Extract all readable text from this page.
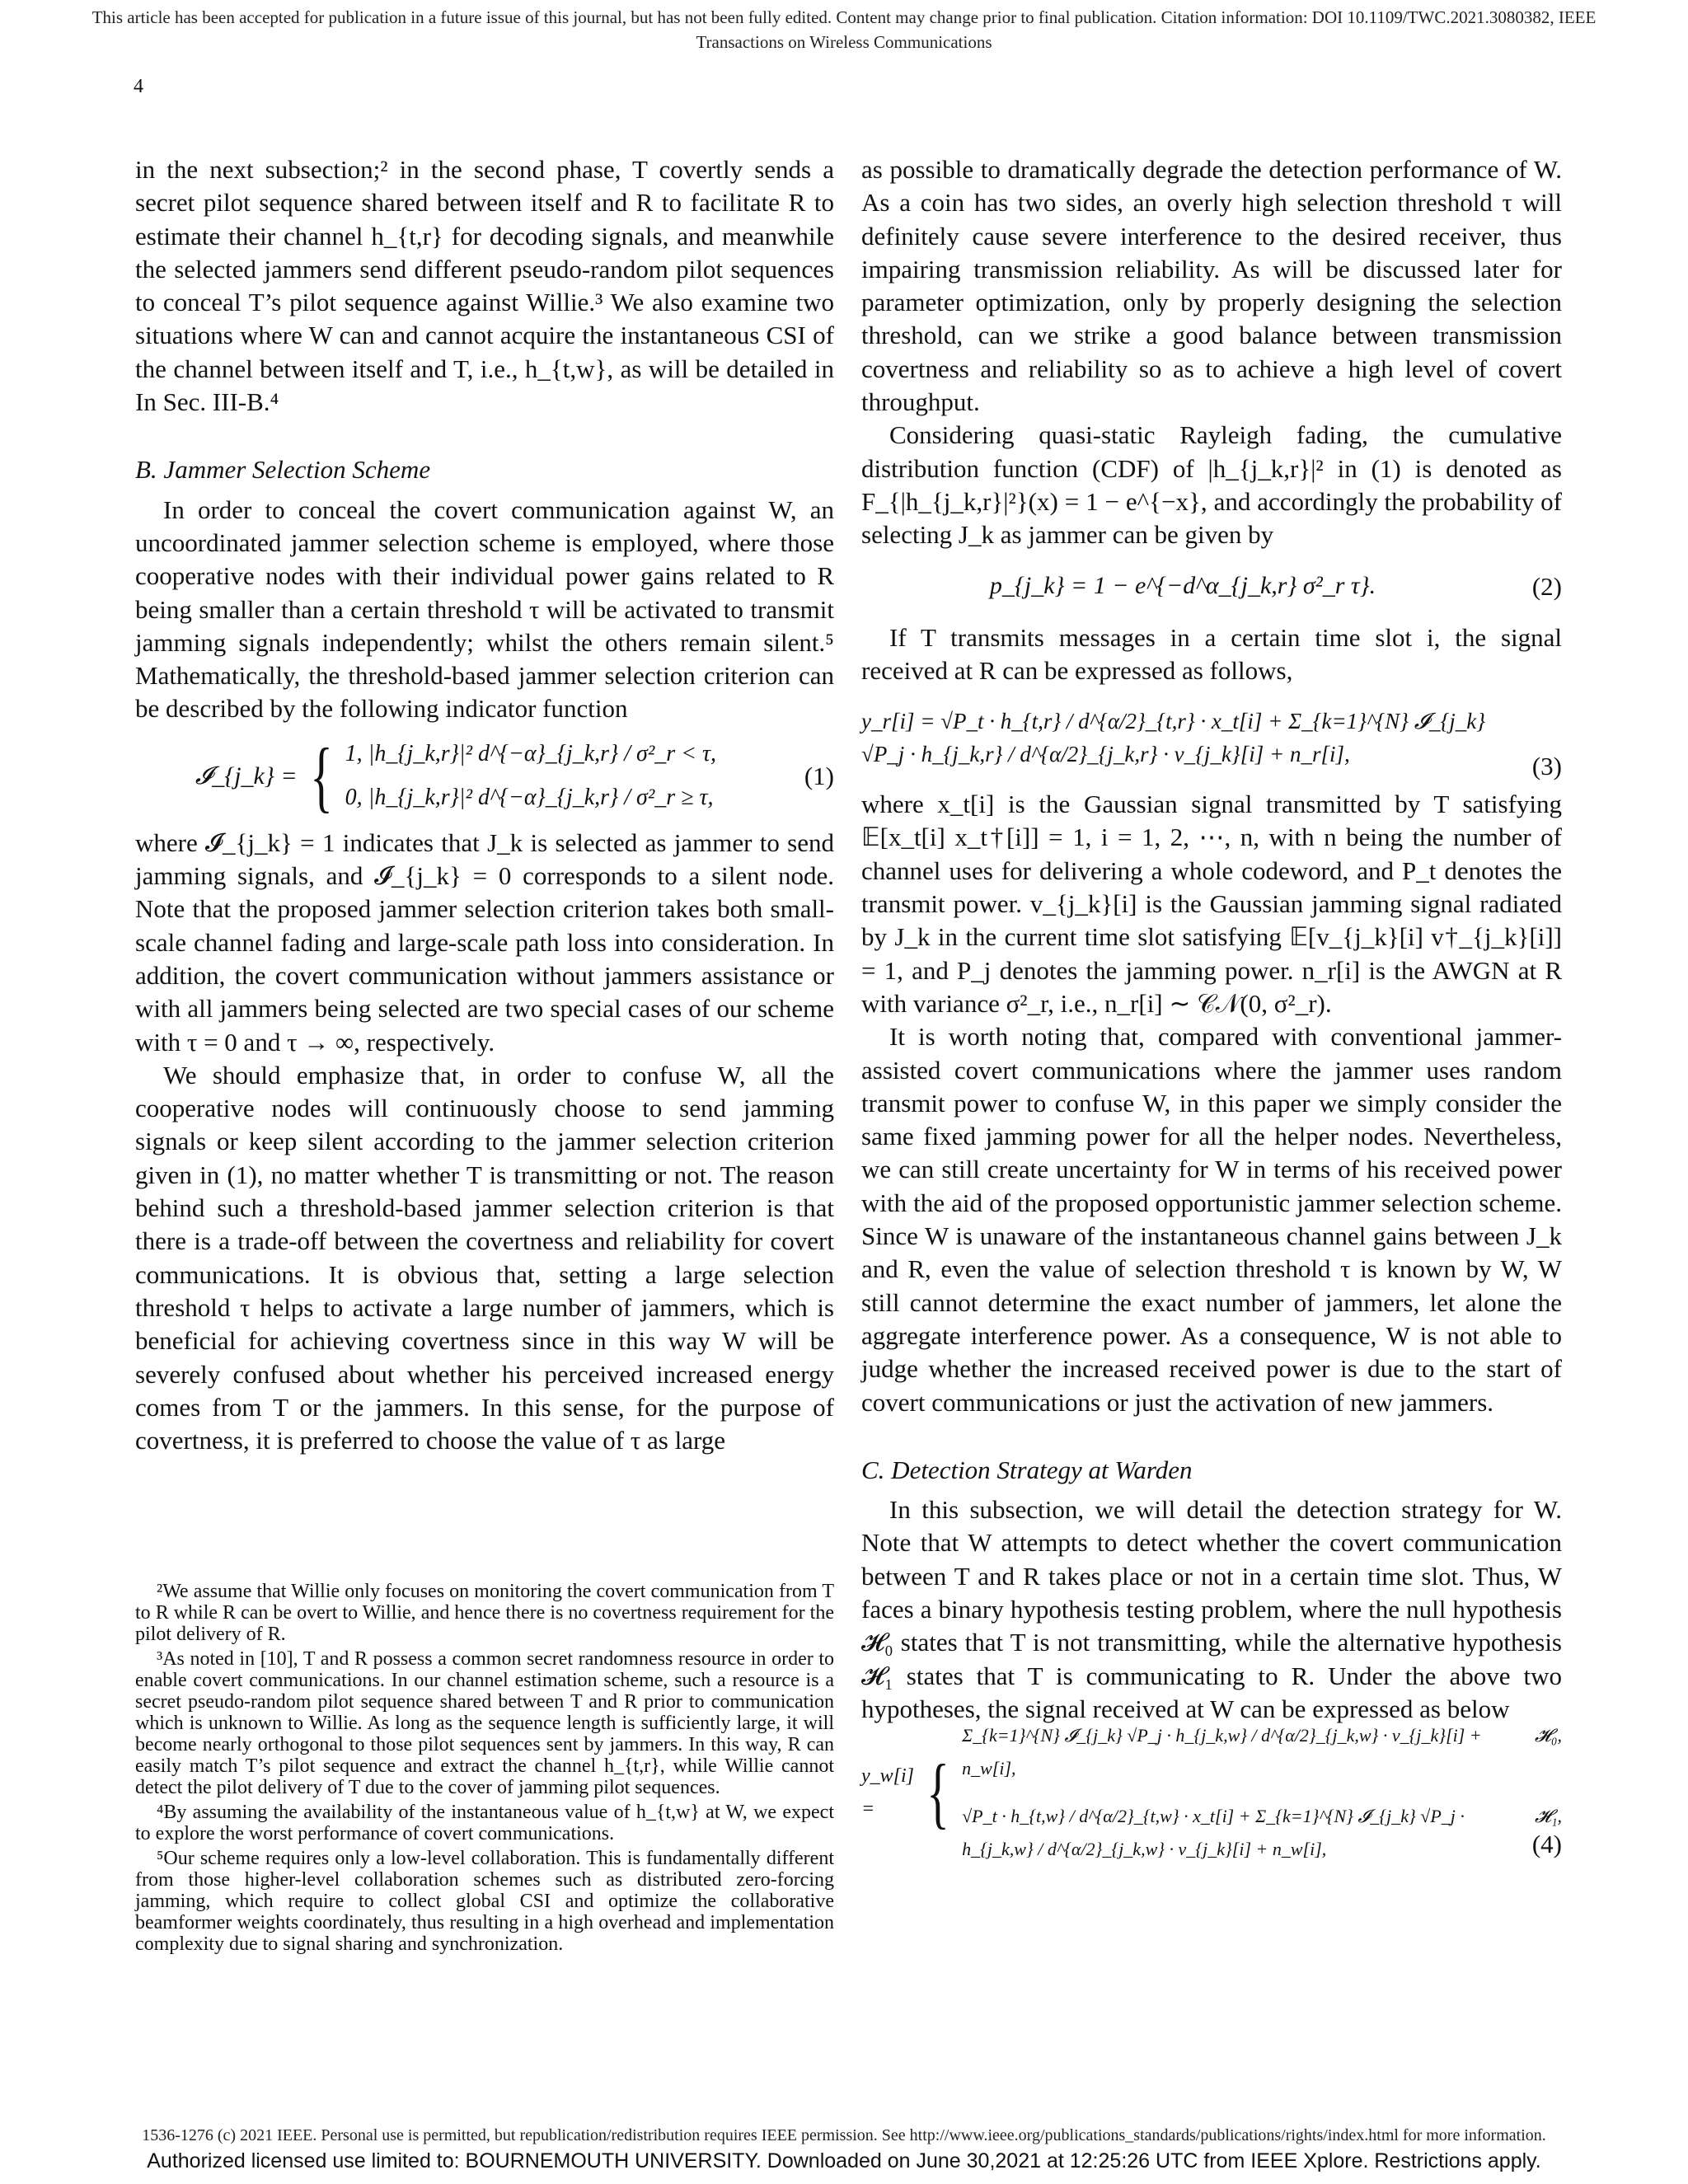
This article has been accepted for publication in a future issue of this journal, but has not been fully edited. Content may change prior to final publication. Citation information: DOI 10.1109/TWC.2021.3080382, IEEE
Transactions on Wireless Communications
4

in the next subsection;² in the second phase, T covertly sends a secret pilot sequence shared between itself and R to facilitate R to estimate their channel h_{t,r} for decoding signals, and meanwhile the selected jammers send different pseudo-random pilot sequences to conceal T’s pilot sequence against Willie.³ We also examine two situations where W can and cannot acquire the instantaneous CSI of the channel between itself and T, i.e., h_{t,w}, as will be detailed in In Sec. III-B.⁴

B. Jammer Selection Scheme

In order to conceal the covert communication against W, an uncoordinated jammer selection scheme is employed, where those cooperative nodes with their individual power gains related to R being smaller than a certain threshold τ will be activated to transmit jamming signals independently; whilst the others remain silent.⁵ Mathematically, the threshold-based jammer selection criterion can be described by the following indicator function

𝓘_{j_k} = { 1, |h_{j_k,r}|² d^{−α}_{j_k,r} / σ²_r < τ,
0, |h_{j_k,r}|² d^{−α}_{j_k,r} / σ²_r ≥ τ,
(1)

where 𝓘_{j_k} = 1 indicates that J_k is selected as jammer to send jamming signals, and 𝓘_{j_k} = 0 corresponds to a silent node. Note that the proposed jammer selection criterion takes both small-scale channel fading and large-scale path loss into consideration. In addition, the covert communication without jammers assistance or with all jammers being selected are two special cases of our scheme with τ = 0 and τ → ∞, respectively.

We should emphasize that, in order to confuse W, all the cooperative nodes will continuously choose to send jamming signals or keep silent according to the jammer selection criterion given in (1), no matter whether T is transmitting or not. The reason behind such a threshold-based jammer selection criterion is that there is a trade-off between the covertness and reliability for covert communications. It is obvious that, setting a large selection threshold τ helps to activate a large number of jammers, which is beneficial for achieving covertness since in this way W will be severely confused about whether his perceived increased energy comes from T or the jammers. In this sense, for the purpose of covertness, it is preferred to choose the value of τ as large

²We assume that Willie only focuses on monitoring the covert communication from T to R while R can be overt to Willie, and hence there is no covertness requirement for the pilot delivery of R.

³As noted in [10], T and R possess a common secret randomness resource in order to enable covert communications. In our channel estimation scheme, such a resource is a secret pseudo-random pilot sequence shared between T and R prior to communication which is unknown to Willie. As long as the sequence length is sufficiently large, it will become nearly orthogonal to those pilot sequences sent by jammers. In this way, R can easily match T’s pilot sequence and extract the channel h_{t,r}, while Willie cannot detect the pilot delivery of T due to the cover of jamming pilot sequences.

⁴By assuming the availability of the instantaneous value of h_{t,w} at W, we expect to explore the worst performance of covert communications.

⁵Our scheme requires only a low-level collaboration. This is fundamentally different from those higher-level collaboration schemes such as distributed zero-forcing jamming, which require to collect global CSI and optimize the collaborative beamformer weights coordinately, thus resulting in a high overhead and implementation complexity due to signal sharing and synchronization.

as possible to dramatically degrade the detection performance of W. As a coin has two sides, an overly high selection threshold τ will definitely cause severe interference to the desired receiver, thus impairing transmission reliability. As will be discussed later for parameter optimization, only by properly designing the selection threshold, can we strike a good balance between transmission covertness and reliability so as to achieve a high level of covert throughput.

Considering quasi-static Rayleigh fading, the cumulative distribution function (CDF) of |h_{j_k,r}|² in (1) is denoted as F_{|h_{j_k,r}|²}(x) = 1 − e^{−x}, and accordingly the probability of selecting J_k as jammer can be given by

p_{j_k} = 1 − e^{−d^α_{j_k,r} σ²_r τ}.	(2)

If T transmits messages in a certain time slot i, the signal received at R can be expressed as follows,

y_r[i] = √P_t · h_{t,r} / d^{α/2}_{t,r} · x_t[i] + Σ_{k=1}^{N} 𝓘_{j_k} √P_j · h_{j_k,r} / d^{α/2}_{j_k,r} · v_{j_k}[i] + n_r[i],	(3)

where x_t[i] is the Gaussian signal transmitted by T satisfying 𝔼[x_t[i] x_t†[i]] = 1, i = 1, 2, ⋯, n, with n being the number of channel uses for delivering a whole codeword, and P_t denotes the transmit power. v_{j_k}[i] is the Gaussian jamming signal radiated by J_k in the current time slot satisfying 𝔼[v_{j_k}[i] v†_{j_k}[i]] = 1, and P_j denotes the jamming power. n_r[i] is the AWGN at R with variance σ²_r, i.e., n_r[i] ∼ 𝒞𝒩(0, σ²_r).

It is worth noting that, compared with conventional jammer-assisted covert communications where the jammer uses random transmit power to confuse W, in this paper we simply consider the same fixed jamming power for all the helper nodes. Nevertheless, we can still create uncertainty for W in terms of his received power with the aid of the proposed opportunistic jammer selection scheme. Since W is unaware of the instantaneous channel gains between J_k and R, even the value of selection threshold τ is known by W, W still cannot determine the exact number of jammers, let alone the aggregate interference power. As a consequence, W is not able to judge whether the increased received power is due to the start of covert communications or just the activation of new jammers.

C. Detection Strategy at Warden

In this subsection, we will detail the detection strategy for W. Note that W attempts to detect whether the covert communication between T and R takes place or not in a certain time slot. Thus, W faces a binary hypothesis testing problem, where the null hypothesis 𝓗₀ states that T is not transmitting, while the alternative hypothesis 𝓗₁ states that T is communicating to R. Under the above two hypotheses, the signal received at W can be expressed as below

y_w[i] = {
Σ_{k=1}^{N} 𝓘_{j_k} √P_j · h_{j_k,w} / d^{α/2}_{j_k,w} · v_{j_k}[i] + n_w[i],
𝓗₀,
√P_t · h_{t,w} / d^{α/2}_{t,w} · x_t[i] + Σ_{k=1}^{N} 𝓘_{j_k} √P_j · h_{j_k,w} / d^{α/2}_{j_k,w} · v_{j_k}[i] + n_w[i],
𝓗₁,
(4)
1536-1276 (c) 2021 IEEE. Personal use is permitted, but republication/redistribution requires IEEE permission. See http://www.ieee.org/publications_standards/publications/rights/index.html for more information.
Authorized licensed use limited to: BOURNEMOUTH UNIVERSITY. Downloaded on June 30,2021 at 12:25:26 UTC from IEEE Xplore. Restrictions apply.
